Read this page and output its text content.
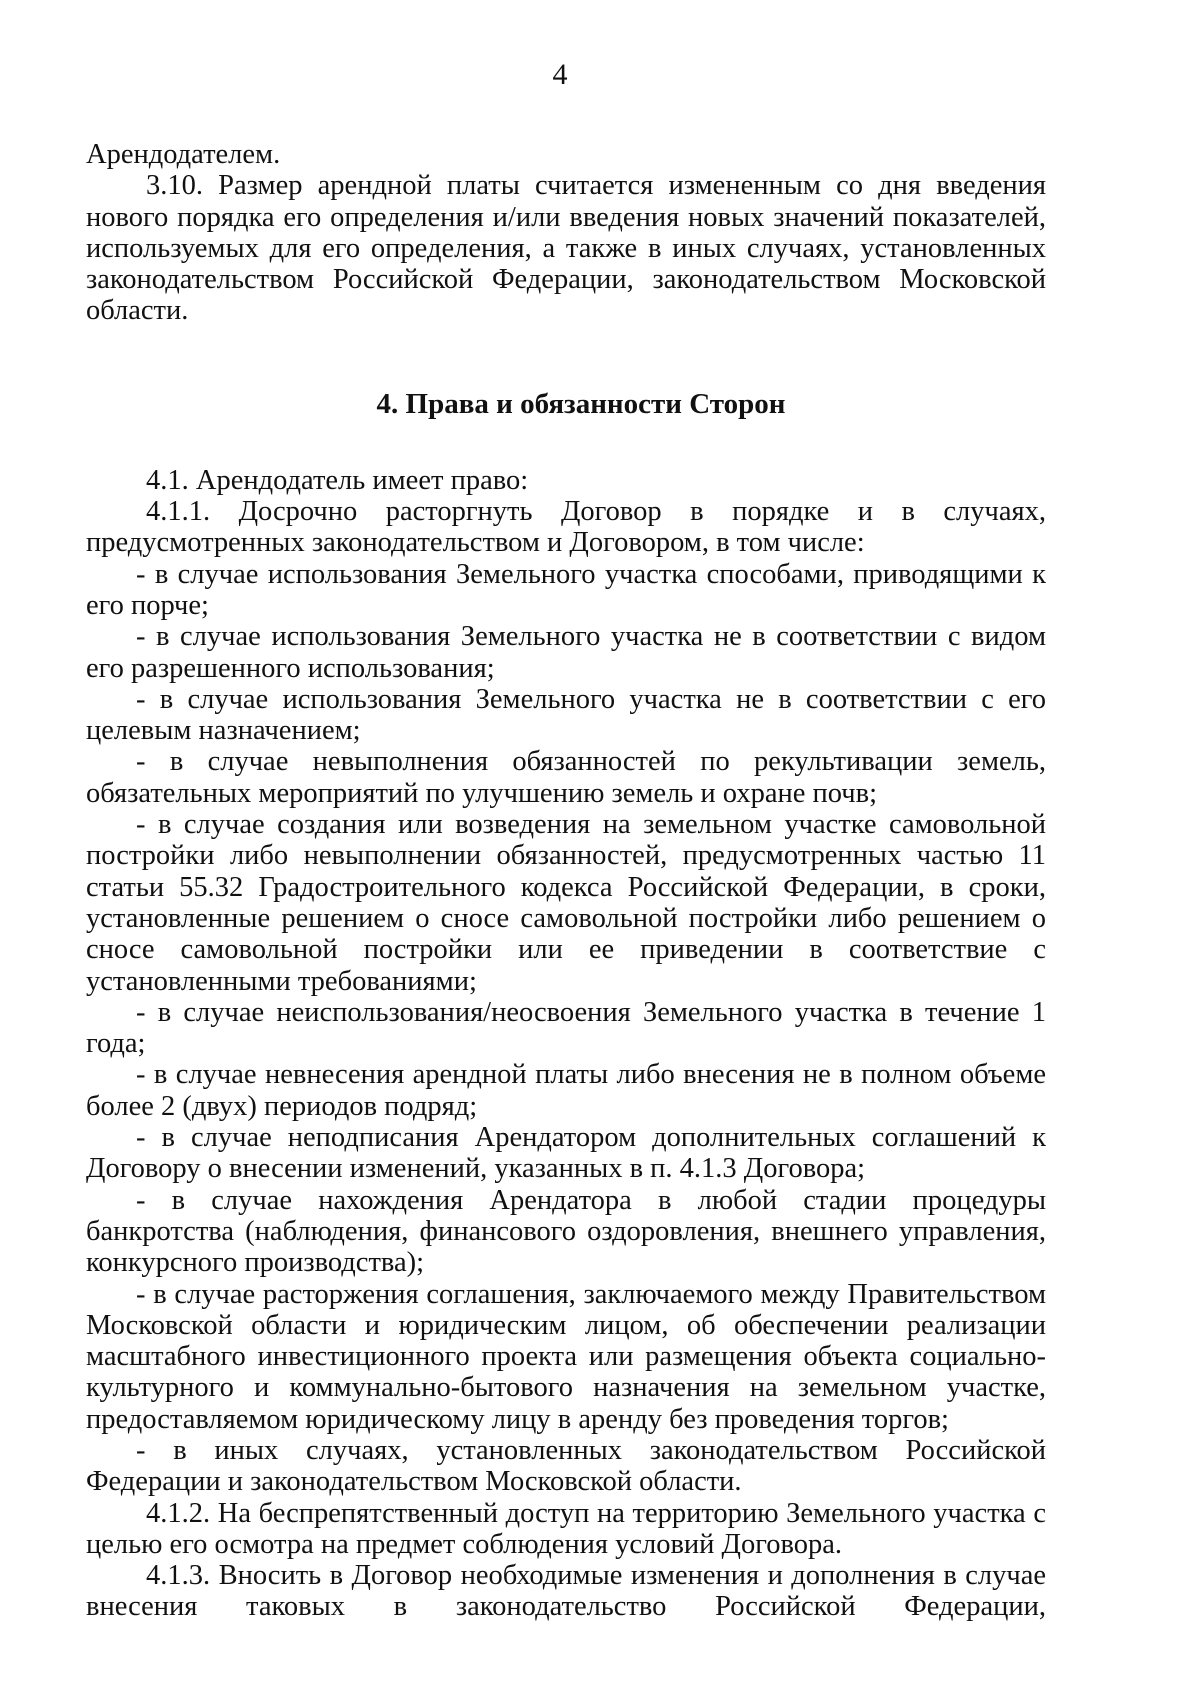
4

Арендодателем.

3.10. Размер арендной платы считается измененным со дня введения нового порядка его определения и/или введения новых значений показателей, используемых для его определения, а также в иных случаях, установленных законодательством Российской Федерации, законодательством Московской области.

4. Права и обязанности Сторон

4.1. Арендодатель имеет право:

4.1.1. Досрочно расторгнуть Договор в порядке и в случаях, предусмотренных законодательством и Договором, в том числе:

- в случае использования Земельного участка способами, приводящими к его порче;

- в случае использования Земельного участка не в соответствии с видом его разрешенного использования;

- в случае использования Земельного участка не в соответствии с его целевым назначением;

- в случае невыполнения обязанностей по рекультивации земель, обязательных мероприятий по улучшению земель и охране почв;

- в случае создания или возведения на земельном участке самовольной постройки либо невыполнении обязанностей, предусмотренных частью 11 статьи 55.32 Градостроительного кодекса Российской Федерации, в сроки, установленные решением о сносе самовольной постройки либо решением о сносе самовольной постройки или ее приведении в соответствие с установленными требованиями;

- в случае неиспользования/неосвоения Земельного участка в течение 1 года;

- в случае невнесения арендной платы либо внесения не в полном объеме более 2 (двух) периодов подряд;

- в случае неподписания Арендатором дополнительных соглашений к Договору о внесении изменений, указанных в п. 4.1.3 Договора;

- в случае нахождения Арендатора в любой стадии процедуры банкротства (наблюдения, финансового оздоровления, внешнего управления, конкурсного производства);

- в случае расторжения соглашения, заключаемого между Правительством Московской области и юридическим лицом, об обеспечении реализации масштабного инвестиционного проекта или размещения объекта социально-культурного и коммунально-бытового назначения на земельном участке, предоставляемом юридическому лицу в аренду без проведения торгов;

- в иных случаях, установленных законодательством Российской Федерации и законодательством Московской области.

4.1.2. На беспрепятственный доступ на территорию Земельного участка с целью его осмотра на предмет соблюдения условий Договора.

4.1.3. Вносить в Договор необходимые изменения и дополнения в случае внесения таковых в законодательство Российской Федерации,
